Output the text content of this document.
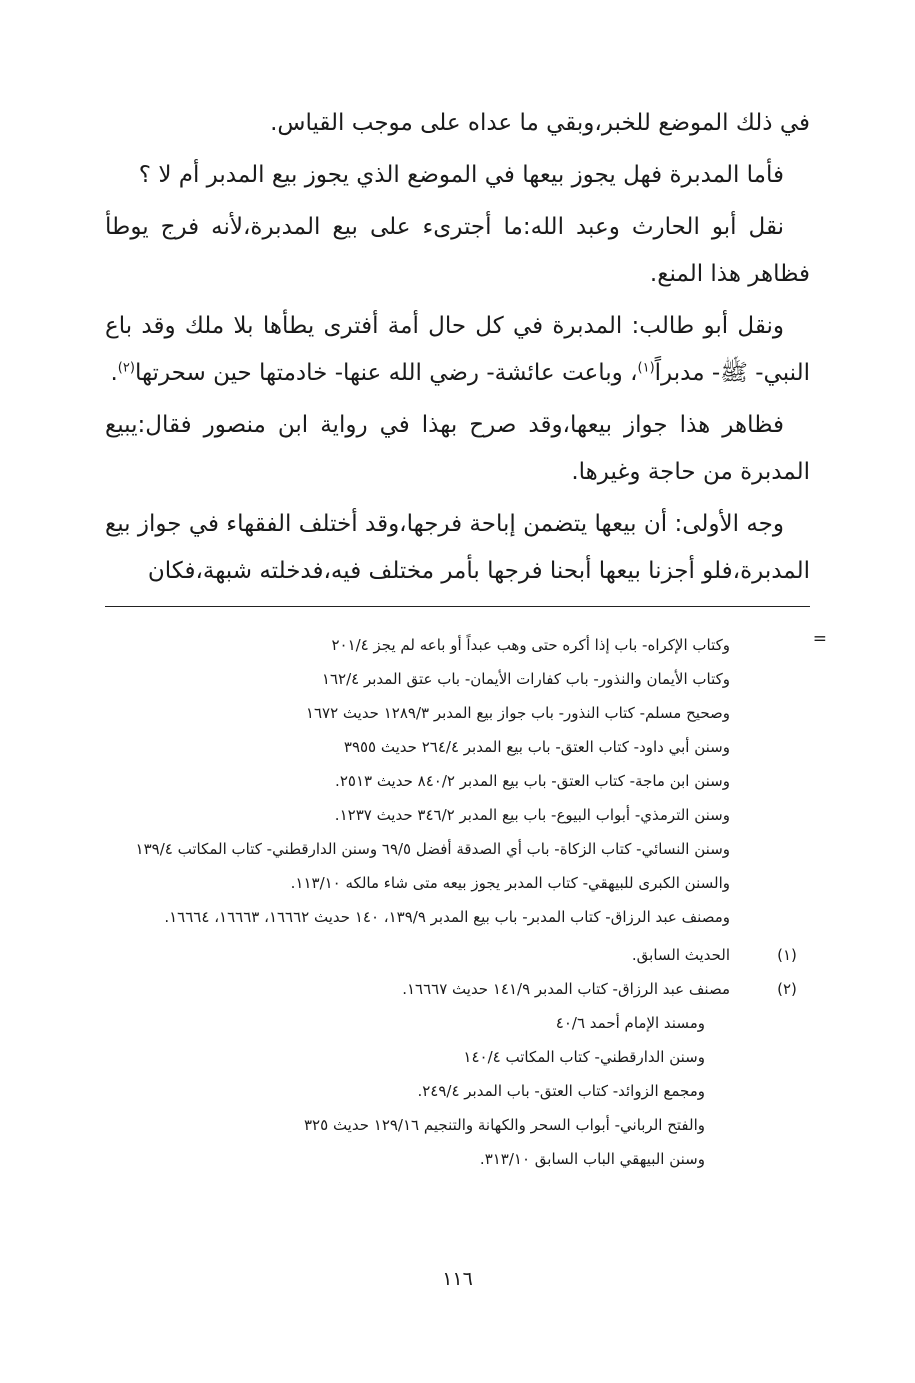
في ذلك الموضع للخبر،وبقي ما عداه على موجب القياس.

فأما المدبرة فهل يجوز بيعها في الموضع الذي يجوز بيع المدبر أم لا ؟

نقل أبو الحارث وعبد الله:ما أجترىء على بيع المدبرة،لأنه فرج يوطأ فظاهر هذا المنع.

ونقل أبو طالب: المدبرة في كل حال أمة أفترى يطأها بلا ملك وقد باع النبي- ﷺ- مدبراً$^{(١)}$، وباعت عائشة- رضي الله عنها- خادمتها حين سحرتها$^{(٢)}$.

فظاهر هذا جواز بيعها،وقد صرح بهذا في رواية ابن منصور فقال:يبيع المدبرة من حاجة وغيرها.

وجه الأولى: أن بيعها يتضمن إباحة فرجها،وقد أختلف الفقهاء في جواز بيع المدبرة،فلو أجزنا بيعها أبحنا فرجها بأمر مختلف فيه،فدخلته شبهة،فكان

=
وكتاب الإكراه- باب إذا أكره حتى وهب عبداً أو باعه لم يجز ٢٠١/٤
وكتاب الأيمان والنذور- باب كفارات الأيمان- باب عتق المدبر ١٦٢/٤
وصحيح مسلم- كتاب النذور- باب جواز بيع المدبر ١٢٨٩/٣ حديث ١٦٧٢
وسنن أبي داود- كتاب العتق- باب بيع المدبر ٢٦٤/٤ حديث ٣٩٥٥
وسنن ابن ماجة- كتاب العتق- باب بيع المدبر ٨٤٠/٢ حديث ٢٥١٣.
وسنن الترمذي- أبواب البيوع- باب بيع المدبر ٣٤٦/٢ حديث ١٢٣٧.
وسنن النسائي- كتاب الزكاة- باب أي الصدقة أفضل ٦٩/٥ وسنن الدارقطني- كتاب المكاتب ١٣٩/٤
والسنن الكبرى للبيهقي- كتاب المدبر يجوز بيعه متى شاء مالكه ١١٣/١٠.
ومصنف عبد الرزاق- كتاب المدبر- باب بيع المدبر ١٣٩/٩، ١٤٠ حديث ١٦٦٦٢، ١٦٦٦٣، ١٦٦٦٤.
(١)
الحديث السابق.
(٢)
مصنف عبد الرزاق- كتاب المدبر ١٤١/٩ حديث ١٦٦٦٧.
ومسند الإمام أحمد ٤٠/٦
وسنن الدارقطني- كتاب المكاتب ١٤٠/٤
ومجمع الزوائد- كتاب العتق- باب المدبر ٢٤٩/٤.
والفتح الرباني- أبواب السحر والكهانة والتنجيم ١٢٩/١٦ حديث ٣٢٥
وسنن البيهقي الباب السابق ٣١٣/١٠.
١١٦
